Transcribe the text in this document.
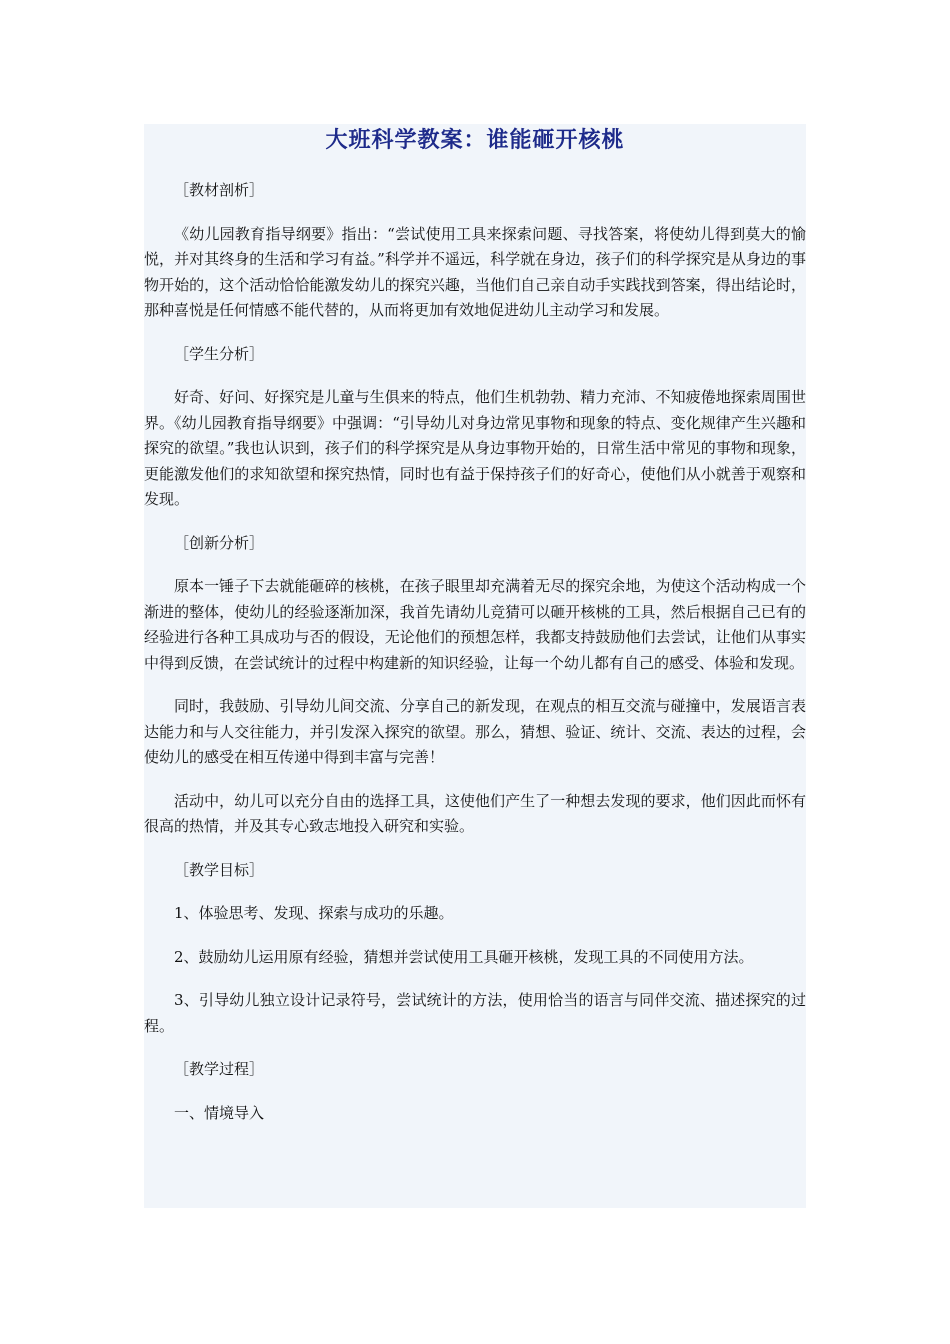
大班科学教案：谁能砸开核桃

［教材剖析］

《幼儿园教育指导纲要》指出：“尝试使用工具来探索问题、寻找答案，将使幼儿得到莫大的愉悦，并对其终身的生活和学习有益。”科学并不遥远，科学就在身边，孩子们的科学探究是从身边的事物开始的，这个活动恰恰能激发幼儿的探究兴趣，当他们自己亲自动手实践找到答案，得出结论时，那种喜悦是任何情感不能代替的，从而将更加有效地促进幼儿主动学习和发展。

［学生分析］

好奇、好问、好探究是儿童与生俱来的特点，他们生机勃勃、精力充沛、不知疲倦地探索周围世界。《幼儿园教育指导纲要》中强调：“引导幼儿对身边常见事物和现象的特点、变化规律产生兴趣和探究的欲望。”我也认识到，孩子们的科学探究是从身边事物开始的，日常生活中常见的事物和现象，更能激发他们的求知欲望和探究热情，同时也有益于保持孩子们的好奇心，使他们从小就善于观察和发现。

［创新分析］

原本一锤子下去就能砸碎的核桃，在孩子眼里却充满着无尽的探究余地，为使这个活动构成一个渐进的整体，使幼儿的经验逐渐加深，我首先请幼儿竞猜可以砸开核桃的工具，然后根据自己已有的经验进行各种工具成功与否的假设，无论他们的预想怎样，我都支持鼓励他们去尝试，让他们从事实中得到反馈，在尝试统计的过程中构建新的知识经验，让每一个幼儿都有自己的感受、体验和发现。

同时，我鼓励、引导幼儿间交流、分享自己的新发现，在观点的相互交流与碰撞中，发展语言表达能力和与人交往能力，并引发深入探究的欲望。那么，猜想、验证、统计、交流、表达的过程，会使幼儿的感受在相互传递中得到丰富与完善！

活动中，幼儿可以充分自由的选择工具，这使他们产生了一种想去发现的要求，他们因此而怀有很高的热情，并及其专心致志地投入研究和实验。

［教学目标］

1、体验思考、发现、探索与成功的乐趣。

2、鼓励幼儿运用原有经验，猜想并尝试使用工具砸开核桃，发现工具的不同使用方法。

3、引导幼儿独立设计记录符号，尝试统计的方法，使用恰当的语言与同伴交流、描述探究的过程。

［教学过程］

一、情境导入
